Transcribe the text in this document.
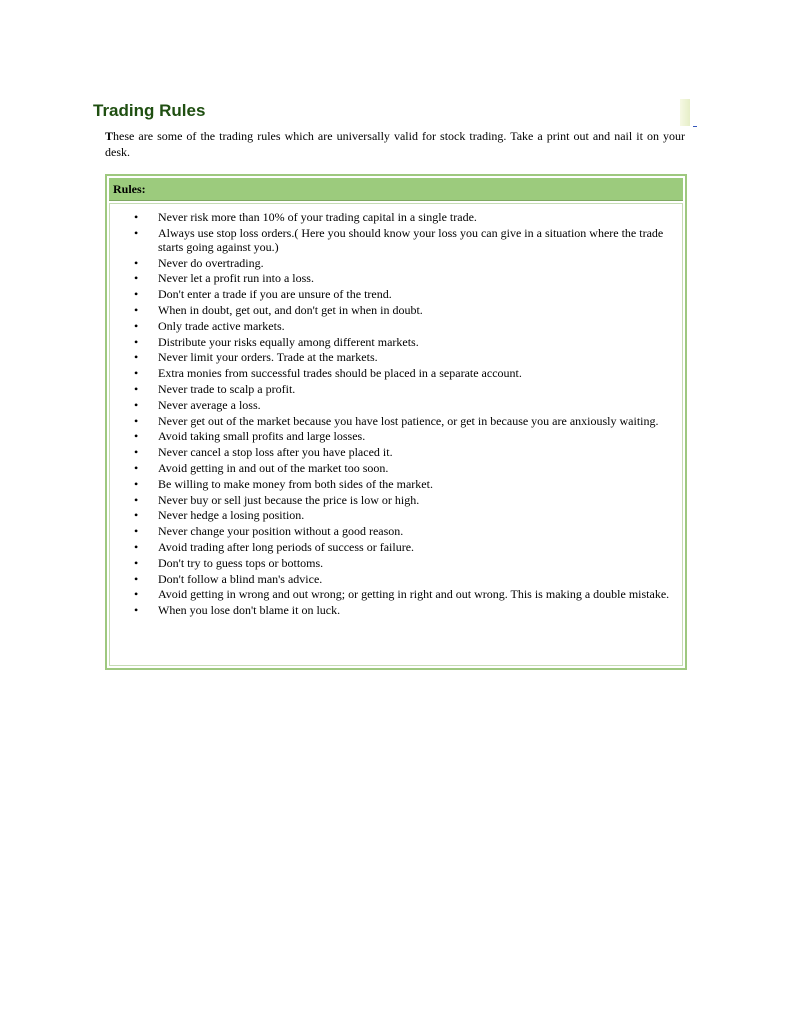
Trading Rules

These are some of the trading rules which are universally valid for stock trading. Take a print out and nail it on your desk.

Rules:
• Never risk more than 10% of your trading capital in a single trade.
• Always use stop loss orders.( Here you should know your loss you can give in a situation where the trade starts going against you.)
• Never do overtrading.
• Never let a profit run into a loss.
• Don't enter a trade if you are unsure of the trend.
• When in doubt, get out, and don't get in when in doubt.
• Only trade active markets.
• Distribute your risks equally among different markets.
• Never limit your orders. Trade at the markets.
• Extra monies from successful trades should be placed in a separate account.
• Never trade to scalp a profit.
• Never average a loss.
• Never get out of the market because you have lost patience, or get in because you are anxiously waiting.
• Avoid taking small profits and large losses.
• Never cancel a stop loss after you have placed it.
• Avoid getting in and out of the market too soon.
• Be willing to make money from both sides of the market.
• Never buy or sell just because the price is low or high.
• Never hedge a losing position.
• Never change your position without a good reason.
• Avoid trading after long periods of success or failure.
• Don't try to guess tops or bottoms.
• Don't follow a blind man's advice.
• Avoid getting in wrong and out wrong; or getting in right and out wrong. This is making a double mistake.
• When you lose don't blame it on luck.
